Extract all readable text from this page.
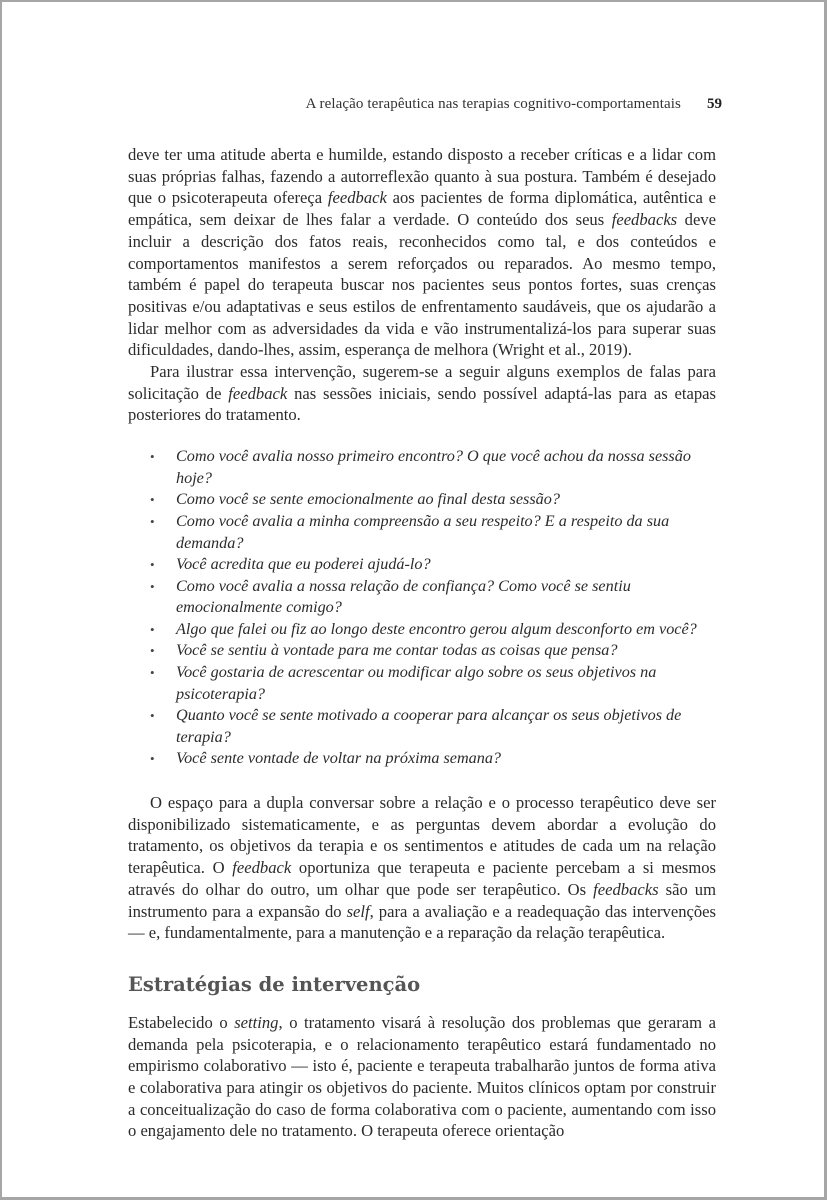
A relação terapêutica nas terapias cognitivo-comportamentais 59

deve ter uma atitude aberta e humilde, estando disposto a receber críticas e a lidar com suas próprias falhas, fazendo a autorreflexão quanto à sua postura. Também é desejado que o psicoterapeuta ofereça feedback aos pacientes de forma diplomática, autêntica e empática, sem deixar de lhes falar a verdade. O conteúdo dos seus feedbacks deve incluir a descrição dos fatos reais, reconhecidos como tal, e dos conteúdos e comportamentos manifestos a serem reforçados ou reparados. Ao mesmo tempo, também é papel do terapeuta buscar nos pacientes seus pontos fortes, suas crenças positivas e/ou adaptativas e seus estilos de enfrentamento saudáveis, que os ajudarão a lidar melhor com as adversidades da vida e vão instrumentalizá-los para superar suas dificuldades, dando-lhes, assim, esperança de melhora (Wright et al., 2019).

Para ilustrar essa intervenção, sugerem-se a seguir alguns exemplos de falas para solicitação de feedback nas sessões iniciais, sendo possível adaptá-las para as etapas posteriores do tratamento.

• Como você avalia nosso primeiro encontro? O que você achou da nossa sessão hoje?
• Como você se sente emocionalmente ao final desta sessão?
• Como você avalia a minha compreensão a seu respeito? E a respeito da sua demanda?
• Você acredita que eu poderei ajudá-lo?
• Como você avalia a nossa relação de confiança? Como você se sentiu emocionalmente comigo?
• Algo que falei ou fiz ao longo deste encontro gerou algum desconforto em você?
• Você se sentiu à vontade para me contar todas as coisas que pensa?
• Você gostaria de acrescentar ou modificar algo sobre os seus objetivos na psicoterapia?
• Quanto você se sente motivado a cooperar para alcançar os seus objetivos de terapia?
• Você sente vontade de voltar na próxima semana?

O espaço para a dupla conversar sobre a relação e o processo terapêutico deve ser disponibilizado sistematicamente, e as perguntas devem abordar a evolução do tratamento, os objetivos da terapia e os sentimentos e atitudes de cada um na relação terapêutica. O feedback oportuniza que terapeuta e paciente percebam a si mesmos através do olhar do outro, um olhar que pode ser terapêutico. Os feedbacks são um instrumento para a expansão do self, para a avaliação e a readequação das intervenções — e, fundamentalmente, para a manutenção e a reparação da relação terapêutica.

Estratégias de intervenção

Estabelecido o setting, o tratamento visará à resolução dos problemas que geraram a demanda pela psicoterapia, e o relacionamento terapêutico estará fundamentado no empirismo colaborativo — isto é, paciente e terapeuta trabalharão juntos de forma ativa e colaborativa para atingir os objetivos do paciente. Muitos clínicos optam por construir a conceitualização do caso de forma colaborativa com o paciente, aumentando com isso o engajamento dele no tratamento. O terapeuta oferece orientação
